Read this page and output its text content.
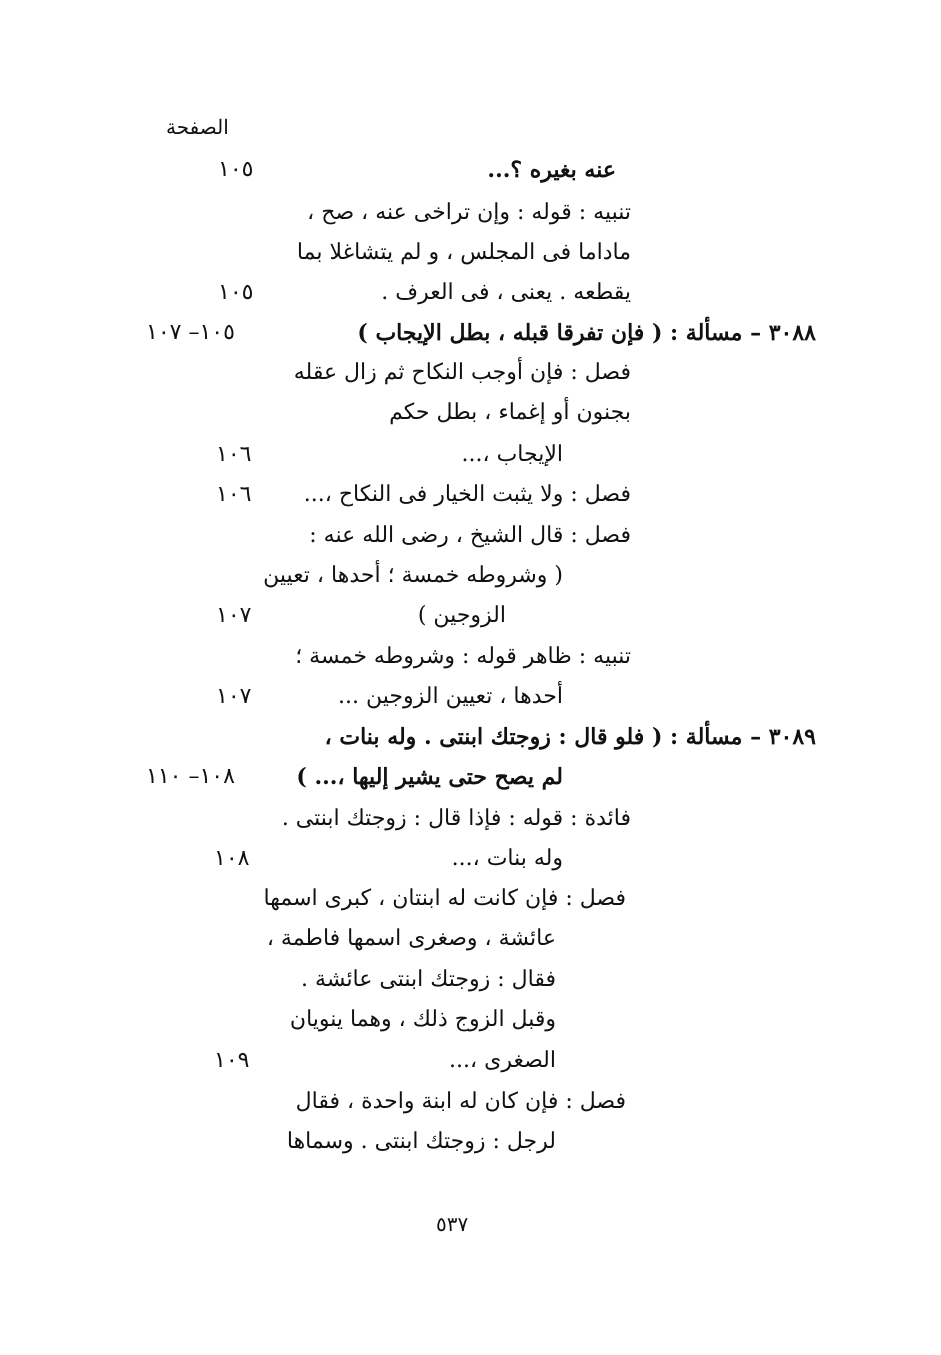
الصفحة
عنه بغيره ؟...
تنبيه : قوله : وإن تراخى عنه ، صح ،
ماداما فى المجلس ، و لم يتشاغلا بما
يقطعه . يعنى ، فى العرف .
٣٠٨٨ – مسألة : ( فإن تفرقا قبله ، بطل الإيجاب )
فصل : فإن أوجب النكاح ثم زال عقله
بجنون أو إغماء ، بطل حكم
الإيجاب ،...
فصل : ولا يثبت الخيار فى النكاح ،...
فصل : قال الشيخ ، رضى الله عنه :
( وشروطه خمسة ؛ أحدها ، تعيين
الزوجين )
تنبيه : ظاهر قوله : وشروطه خمسة ؛
أحدها ، تعيين الزوجين ...
٣٠٨٩ – مسألة : ( فلو قال : زوجتك ابنتى . وله بنات ،
لم يصح حتى يشير إليها ،... )
فائدة : قوله : فإذا قال : زوجتك ابنتى .
وله بنات ،...
فصل : فإن كانت له ابنتان ، كبرى اسمها
عائشة ، وصغرى اسمها فاطمة ،
فقال : زوجتك ابنتى عائشة .
وقبل الزوج ذلك ، وهما ينويان
الصغرى ،...
فصل : فإن كان له ابنة واحدة ، فقال
لرجل : زوجتك ابنتى . وسماها
١٠٥
١٠٥
١٠٥– ١٠٧
١٠٦
١٠٦
١٠٧
١٠٧
١٠٨– ١١٠
١٠٨
١٠٩
٥٣٧
